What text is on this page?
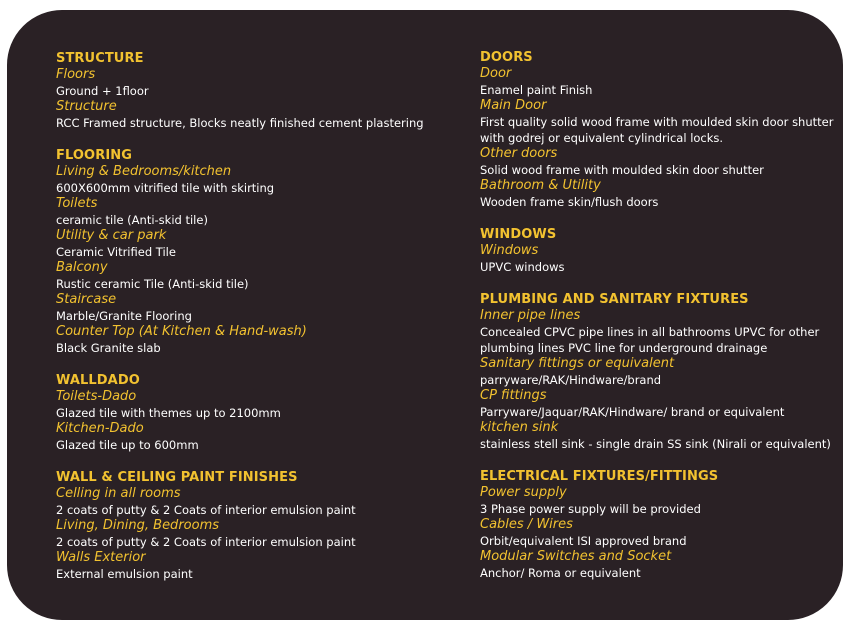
STRUCTURE
Floors
Ground + 1floor
Structure
RCC Framed structure, Blocks neatly finished cement plastering
FLOORING
Living & Bedrooms/kitchen
600X600mm vitrified tile with skirting
Toilets
ceramic tile (Anti-skid tile)
Utility & car park
Ceramic Vitrified Tile
Balcony
Rustic ceramic Tile (Anti-skid tile)
Staircase
Marble/Granite Flooring
Counter Top (At Kitchen & Hand-wash)
Black Granite slab
WALLDADO
Toilets-Dado
Glazed tile with themes up to 2100mm
Kitchen-Dado
Glazed tile up to 600mm
WALL & CEILING PAINT FINISHES
Celling in all rooms
2 coats of putty & 2 Coats of interior emulsion paint
Living, Dining, Bedrooms
2 coats of putty & 2 Coats of interior emulsion paint
Walls Exterior
External emulsion paint
DOORS
Door
Enamel paint Finish
Main Door
First quality solid wood frame with moulded skin door shutter with godrej or equivalent cylindrical locks.
Other doors
Solid wood frame with moulded skin door shutter
Bathroom & Utility
Wooden frame skin/flush doors
WINDOWS
Windows
UPVC windows
PLUMBING AND SANITARY FIXTURES
Inner pipe lines
Concealed CPVC pipe lines in all bathrooms UPVC for other plumbing lines PVC line for underground drainage
Sanitary fittings or equivalent
parryware/RAK/Hindware/brand
CP fittings
Parryware/Jaquar/RAK/Hindware/ brand or equivalent
kitchen sink
stainless stell sink - single drain SS sink (Nirali or equivalent)
ELECTRICAL FIXTURES/FITTINGS
Power supply
3 Phase power supply will be provided
Cables / Wires
Orbit/equivalent ISI approved brand
Modular Switches and Socket
Anchor/ Roma or equivalent
